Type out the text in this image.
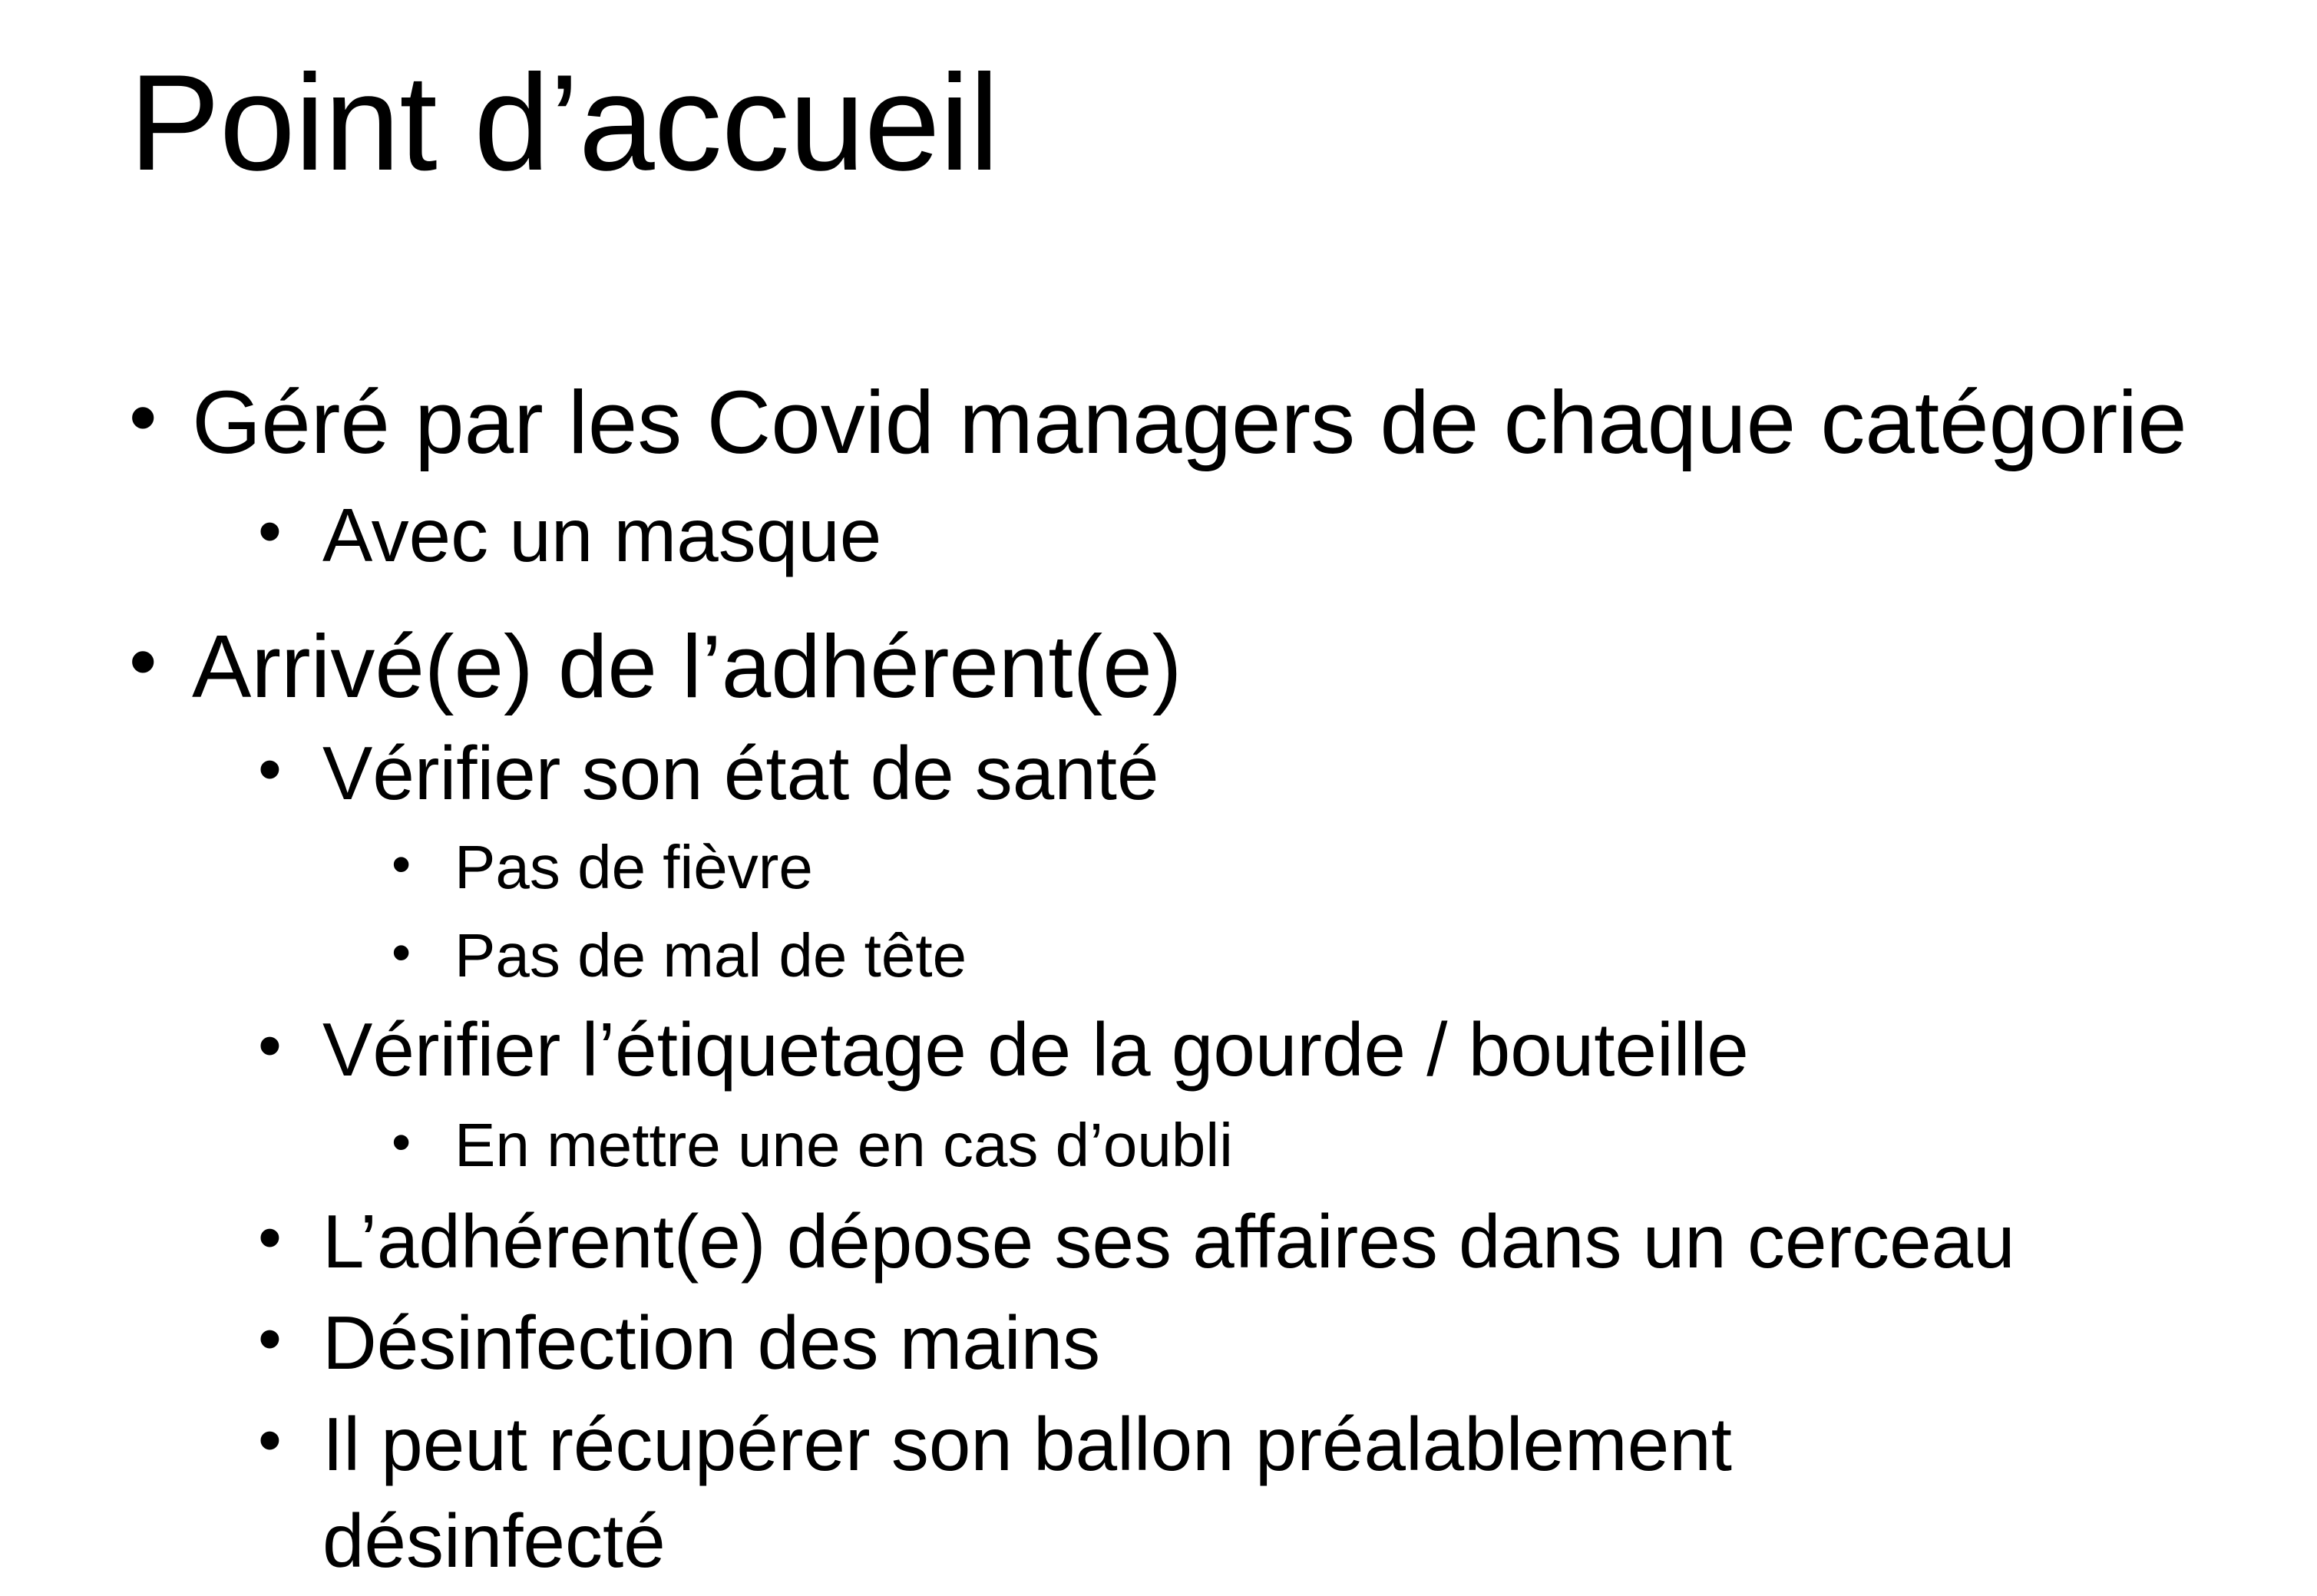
Point d’accueil
• Géré par les Covid managers de chaque catégorie
• Avec un masque
• Arrivé(e) de l’adhérent(e)
• Vérifier son état de santé
• Pas de fièvre
• Pas de mal de tête
• Vérifier l’étiquetage de la gourde / bouteille
• En mettre une en cas d’oubli
• L’adhérent(e) dépose ses affaires dans un cerceau
• Désinfection des mains
• Il peut récupérer son ballon préalablement
désinfecté
